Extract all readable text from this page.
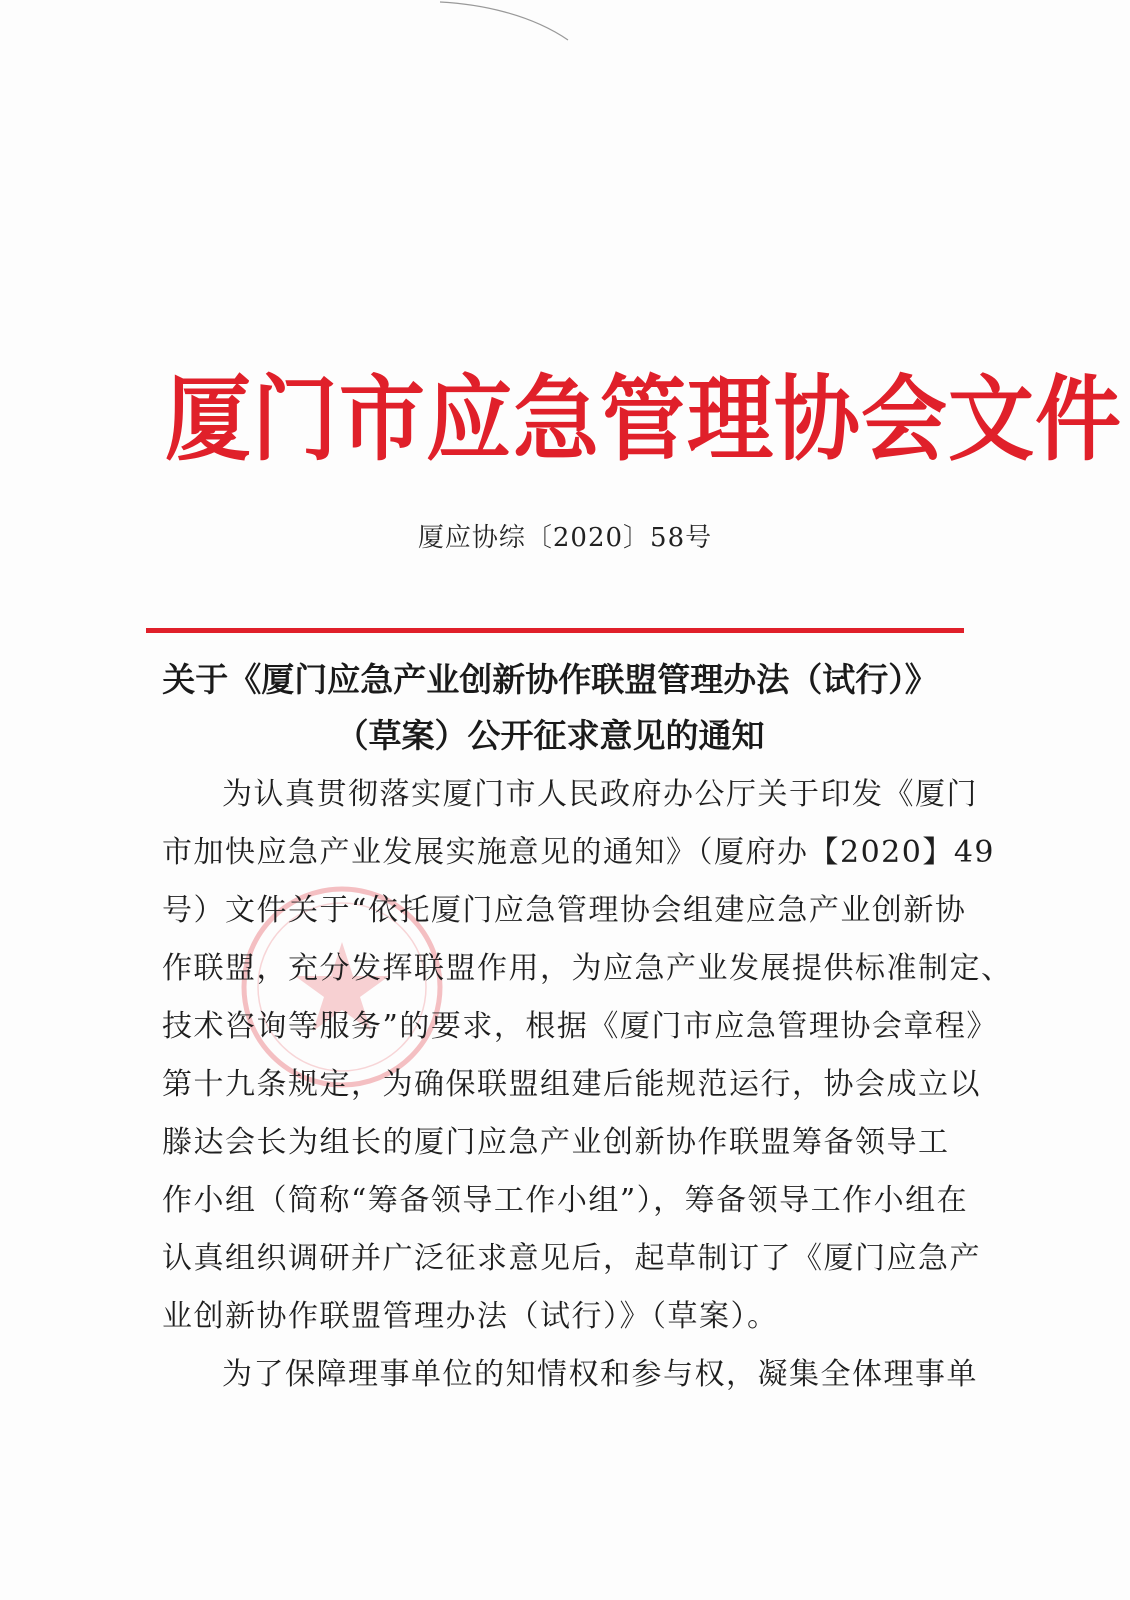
厦门市应急管理协会文件
厦应协综〔2020〕58号
关于《厦门应急产业创新协作联盟管理办法（试行）》
（草案）公开征求意见的通知
为认真贯彻落实厦门市人民政府办公厅关于印发《厦门
市加快应急产业发展实施意见的通知》（厦府办【2020】49
号）文件关于“依托厦门应急管理协会组建应急产业创新协
作联盟，充分发挥联盟作用，为应急产业发展提供标准制定、
技术咨询等服务”的要求，根据《厦门市应急管理协会章程》
第十九条规定，为确保联盟组建后能规范运行，协会成立以
滕达会长为组长的厦门应急产业创新协作联盟筹备领导工
作小组（简称“筹备领导工作小组”），筹备领导工作小组在
认真组织调研并广泛征求意见后，起草制订了《厦门应急产
业创新协作联盟管理办法（试行）》（草案）。
为了保障理事单位的知情权和参与权，凝集全体理事单
